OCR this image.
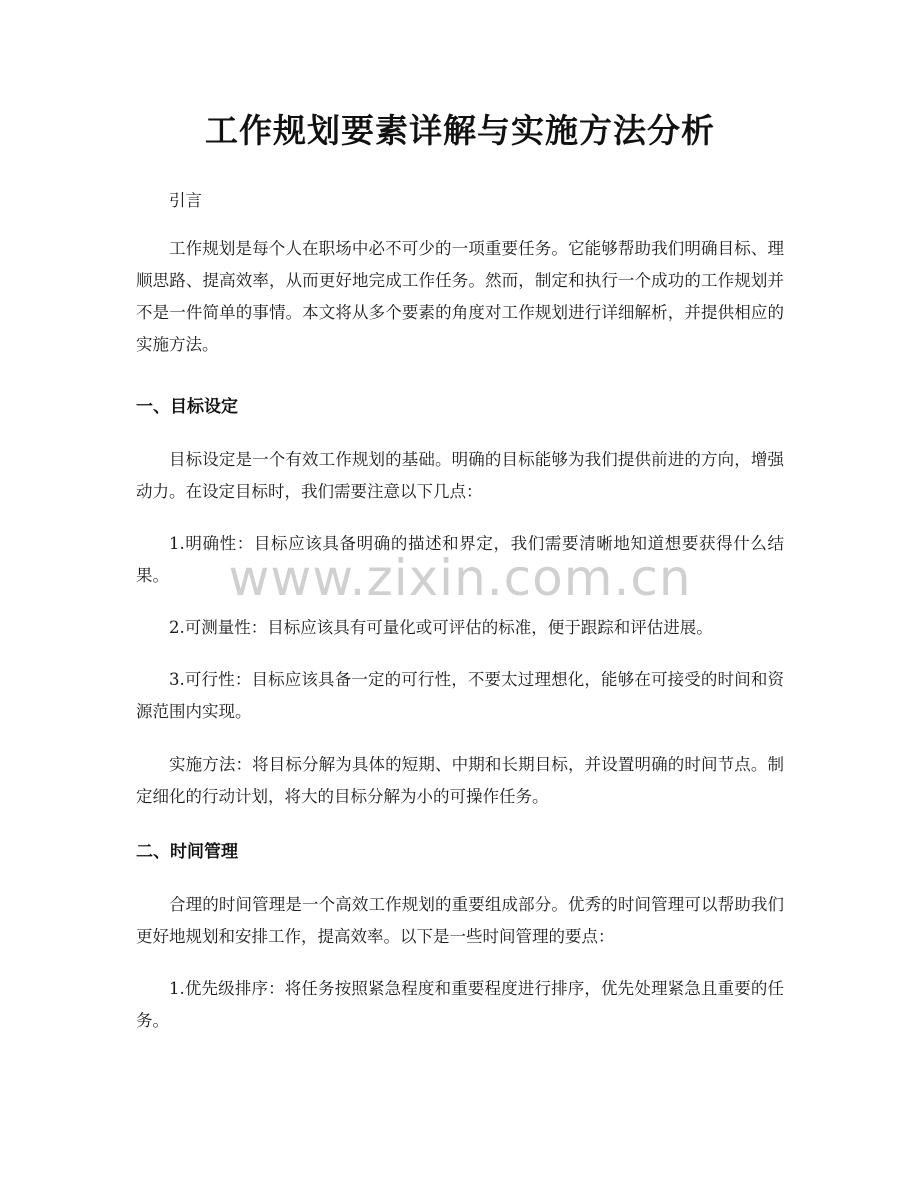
工作规划要素详解与实施方法分析

引言

工作规划是每个人在职场中必不可少的一项重要任务。它能够帮助我们明确目标、理顺思路、提高效率，从而更好地完成工作任务。然而，制定和执行一个成功的工作规划并不是一件简单的事情。本文将从多个要素的角度对工作规划进行详细解析，并提供相应的实施方法。

一、目标设定

目标设定是一个有效工作规划的基础。明确的目标能够为我们提供前进的方向，增强动力。在设定目标时，我们需要注意以下几点：

1.明确性：目标应该具备明确的描述和界定，我们需要清晰地知道想要获得什么结果。

2.可测量性：目标应该具有可量化或可评估的标准，便于跟踪和评估进展。

3.可行性：目标应该具备一定的可行性，不要太过理想化，能够在可接受的时间和资源范围内实现。

实施方法：将目标分解为具体的短期、中期和长期目标，并设置明确的时间节点。制定细化的行动计划，将大的目标分解为小的可操作任务。

二、时间管理

合理的时间管理是一个高效工作规划的重要组成部分。优秀的时间管理可以帮助我们更好地规划和安排工作，提高效率。以下是一些时间管理的要点：

1.优先级排序：将任务按照紧急程度和重要程度进行排序，优先处理紧急且重要的任务。

www.zixin.com.cn
